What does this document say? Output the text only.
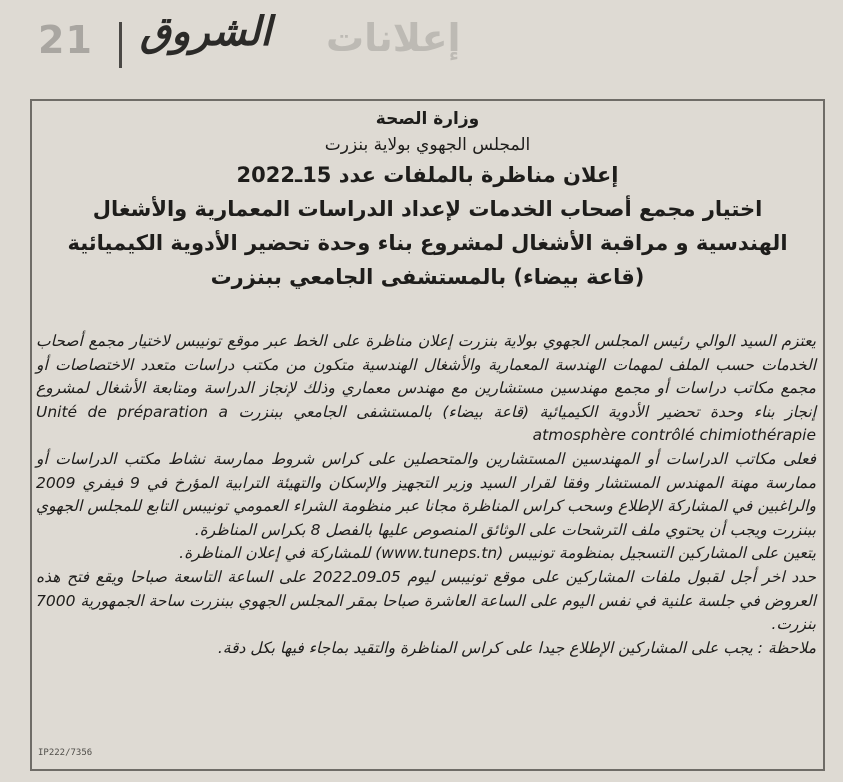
21 الشروق إعلانات
وزارة الصحة
المجلس الجهوي بولاية بنزرت
إعلان مناظرة بالملفات عدد 15ـ2022
اختيار مجمع أصحاب الخدمات لإعداد الدراسات المعمارية والأشغال الهندسية و مراقبة الأشغال لمشروع بناء وحدة تحضير الأدوية الكيميائية (قاعة بيضاء) بالمستشفى الجامعي ببنزرت

يعتزم السيد الوالي رئيس المجلس الجهوي بولاية بنزرت إعلان مناظرة على الخط عبر موقع تونيبس لاختيار مجمع أصحاب الخدمات حسب الملف لمهمات الهندسة المعمارية والأشغال الهندسية متكون من مكتب دراسات متعدد الاختصاصات أو مجمع مكاتب دراسات أو مجمع مهندسين مستشارين مع مهندس معماري وذلك لإنجاز الدراسة ومتابعة الأشغال لمشروع إنجاز بناء وحدة تحضير الأدوية الكيميائية (قاعة بيضاء) بالمستشفى الجامعي ببنزرت Unité de préparation a atmosphère contrôlé chimiothérapie

فعلى مكاتب الدراسات أو المهندسين المستشارين والمتحصلين على كراس شروط ممارسة نشاط مكتب الدراسات أو ممارسة مهنة المهندس المستشار وفقا لقرار السيد وزير التجهيز والإسكان والتهيئة الترابية المؤرخ في 9 فيفري 2009 والراغبين في المشاركة الإطلاع وسحب كراس المناظرة مجانا عبر منظومة الشراء العمومي تونيبس التابع للمجلس الجهوي ببنزرت ويجب أن يحتوي ملف الترشحات على الوثائق المنصوص عليها بالفصل 8 بكراس المناظرة.

يتعين على المشاركين التسجيل بمنظومة تونيبس (www.tuneps.tn) للمشاركة في إعلان المناظرة.

حدد اخر أجل لقبول ملفات المشاركين على موقع تونيبس ليوم 05ـ09ـ2022 على الساعة التاسعة صباحا ويقع فتح هذه العروض في جلسة علنية في نفس اليوم على الساعة العاشرة صباحا بمقر المجلس الجهوي ببنزرت ساحة الجمهورية 7000 بنزرت.

ملاحظة : يجب على المشاركين الإطلاع جيدا على كراس المناظرة والتقيد بماجاء فيها بكل دقة.

IP222/7356
